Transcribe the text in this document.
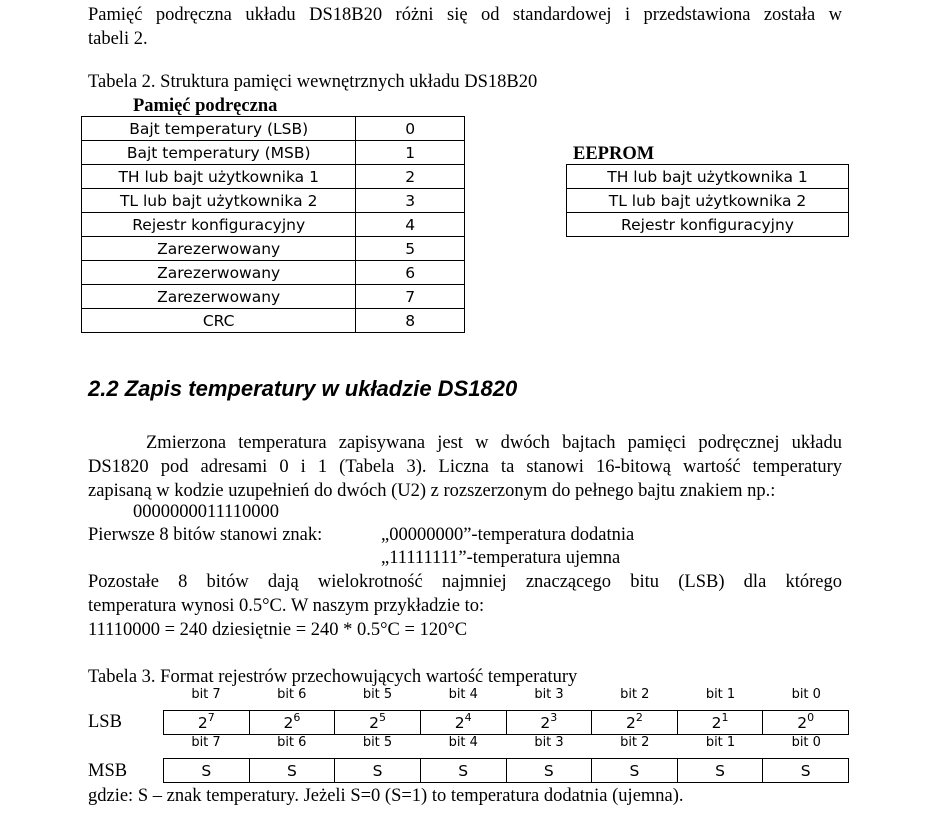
Pamięć podręczna układu DS18B20 różni się od standardowej i przedstawiona została w
tabeli 2.
Tabela 2. Struktura pamięci wewnętrznych układu DS18B20
Pamięć podręczna
Bajt temperatury (LSB)	0
Bajt temperatury (MSB)	1
TH lub bajt użytkownika 1	2
TL lub bajt użytkownika 2	3
Rejestr konfiguracyjny	4
Zarezerwowany	5
Zarezerwowany	6
Zarezerwowany	7
CRC	8
EEPROM
TH lub bajt użytkownika 1
TL lub bajt użytkownika 2
Rejestr konfiguracyjny
2.2 Zapis temperatury w układzie DS1820
Zmierzona temperatura zapisywana jest w dwóch bajtach pamięci podręcznej układu
DS1820 pod adresami 0 i 1 (Tabela 3). Liczna ta stanowi 16-bitową wartość temperatury
zapisaną w kodzie uzupełnień do dwóch (U2) z rozszerzonym do pełnego bajtu znakiem np.:
0000000011110000
Pierwsze 8 bitów stanowi znak:	„00000000”-temperatura dodatnia
„11111111”-temperatura ujemna
Pozostałe 8 bitów dają wielokrotność najmniej znaczącego bitu (LSB) dla którego
temperatura wynosi 0.5°C. W naszym przykładzie to:
11110000 = 240 dziesiętnie = 240 * 0.5°C = 120°C
Tabela 3. Format rejestrów przechowujących wartość temperatury
bit 7	bit 6	bit 5	bit 4	bit 3	bit 2	bit 1	bit 0
LSB	$2^7$	$2^6$	$2^5$	$2^4$	$2^3$	$2^2$	$2^1$	$2^0$
bit 7	bit 6	bit 5	bit 4	bit 3	bit 2	bit 1	bit 0
MSB	S	S	S	S	S	S	S	S
gdzie: S – znak temperatury. Jeżeli S=0 (S=1) to temperatura dodatnia (ujemna).
